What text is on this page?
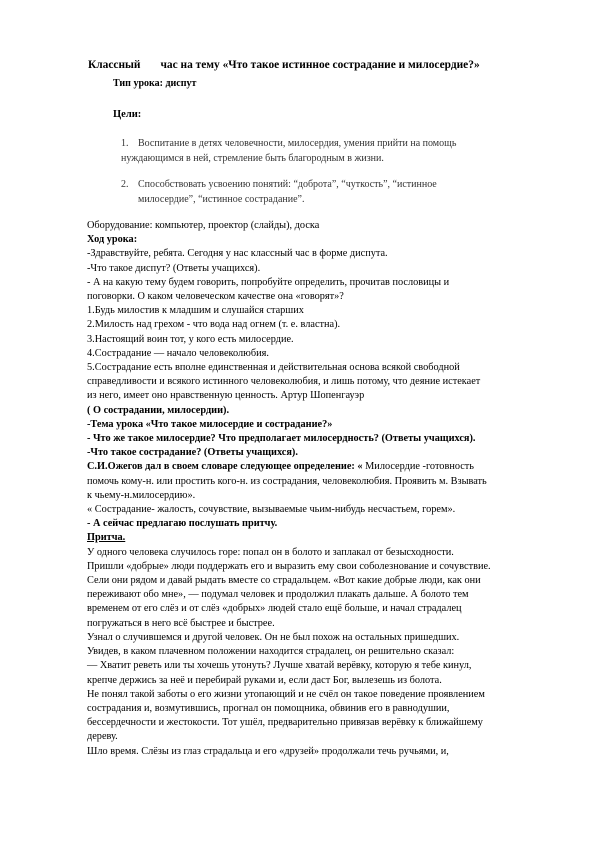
Классный час на тему «Что такое истинное сострадание и милосердие?»
Тип урока: диспут
Цели:
1. Воспитание в детях человечности, милосердия, умения прийти на помощь
нуждающимся в ней, стремление быть благородным в жизни.
2. Способствовать усвоению понятий: “доброта”, “чуткость”, “истинное
милосердие”, “истинное сострадание”.
Оборудование: компьютер, проектор (слайды), доска
Ход урока:
-Здравствуйте, ребята. Сегодня у нас классный час в форме диспута.
-Что такое диспут? (Ответы учащихся).
- А на какую тему будем говорить, попробуйте определить, прочитав пословицы и
поговорки. О каком человеческом качестве она «говорят»?
1.Будь милостив к младшим и слушайся старших
2.Милость над грехом - что вода над огнем (т. е. властна).
3.Настоящий воин тот, у кого есть милосердие.
4.Сострадание — начало человеколюбия.
5.Сострадание есть вполне единственная и действительная основа всякой свободной
справедливости и всякого истинного человеколюбия, и лишь потому, что деяние истекает
из него, имеет оно нравственную ценность. Артур Шопенгауэр
( О сострадании, милосердии).
-Тема урока «Что такое милосердие и сострадание?»
- Что же такое милосердие? Что предполагает милосердность? (Ответы учащихся).
-Что такое сострадание? (Ответы учащихся).
С.И.Ожегов дал в своем словаре следующее определение: « Милосердие -готовность
помочь кому-н. или простить кого-н. из сострадания, человеколюбия. Проявить м. Взывать
к чьему-н.милосердию».
« Сострадание- жалость, сочувствие, вызываемые чьим-нибудь несчастьем, горем».
- А сейчас предлагаю послушать притчу.
Притча.
У одного человека случилось горе: попал он в болото и заплакал от безысходности.
Пришли «добрые» люди поддержать его и выразить ему свои соболезнование и сочувствие.
Сели они рядом и давай рыдать вместе со страдальцем. «Вот какие добрые люди, как они
переживают обо мне», — подумал человек и продолжил плакать дальше. А болото тем
временем от его слёз и от слёз «добрых» людей стало ещё больше, и начал страдалец
погружаться в него всё быстрее и быстрее.
Узнал о случившемся и другой человек. Он не был похож на остальных пришедших.
Увидев, в каком плачевном положении находится страдалец, он решительно сказал:
— Хватит реветь или ты хочешь утонуть? Лучше хватай верёвку, которую я тебе кинул,
крепче держись за неё и перебирай руками и, если даст Бог, вылезешь из болота.
Не понял такой заботы о его жизни утопающий и не счёл он такое поведение проявлением
сострадания и, возмутившись, прогнал он помощника, обвинив его в равнодушии,
бессердечности и жестокости. Тот ушёл, предварительно привязав верёвку к ближайшему
дереву.
Шло время. Слёзы из глаз страдальца и его «друзей» продолжали течь ручьями, и,
